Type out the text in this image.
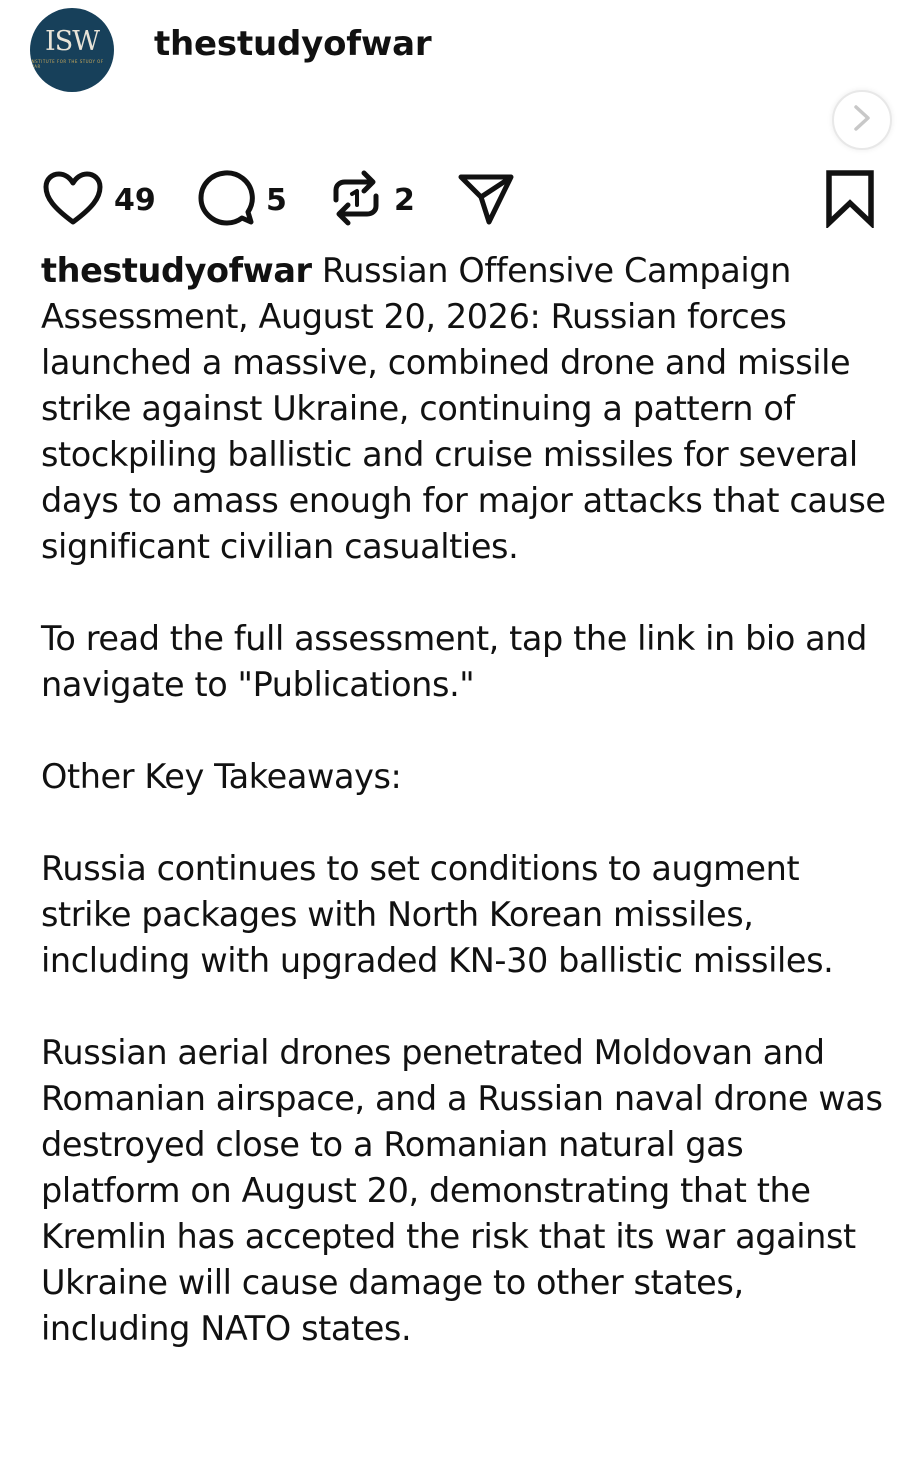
ISW
INSTITUTE FOR THE STUDY OF WAR
thestudyofwar
49	5	2

thestudyofwar Russian Offensive Campaign Assessment, August 20, 2026: Russian forces launched a massive, combined drone and missile strike against Ukraine, continuing a pattern of stockpiling ballistic and cruise missiles for several days to amass enough for major attacks that cause significant civilian casualties.

To read the full assessment, tap the link in bio and navigate to "Publications."

Other Key Takeaways:

Russia continues to set conditions to augment strike packages with North Korean missiles, including with upgraded KN-30 ballistic missiles.

Russian aerial drones penetrated Moldovan and Romanian airspace, and a Russian naval drone was destroyed close to a Romanian natural gas platform on August 20, demonstrating that the Kremlin has accepted the risk that its war against Ukraine will cause damage to other states, including NATO states.
